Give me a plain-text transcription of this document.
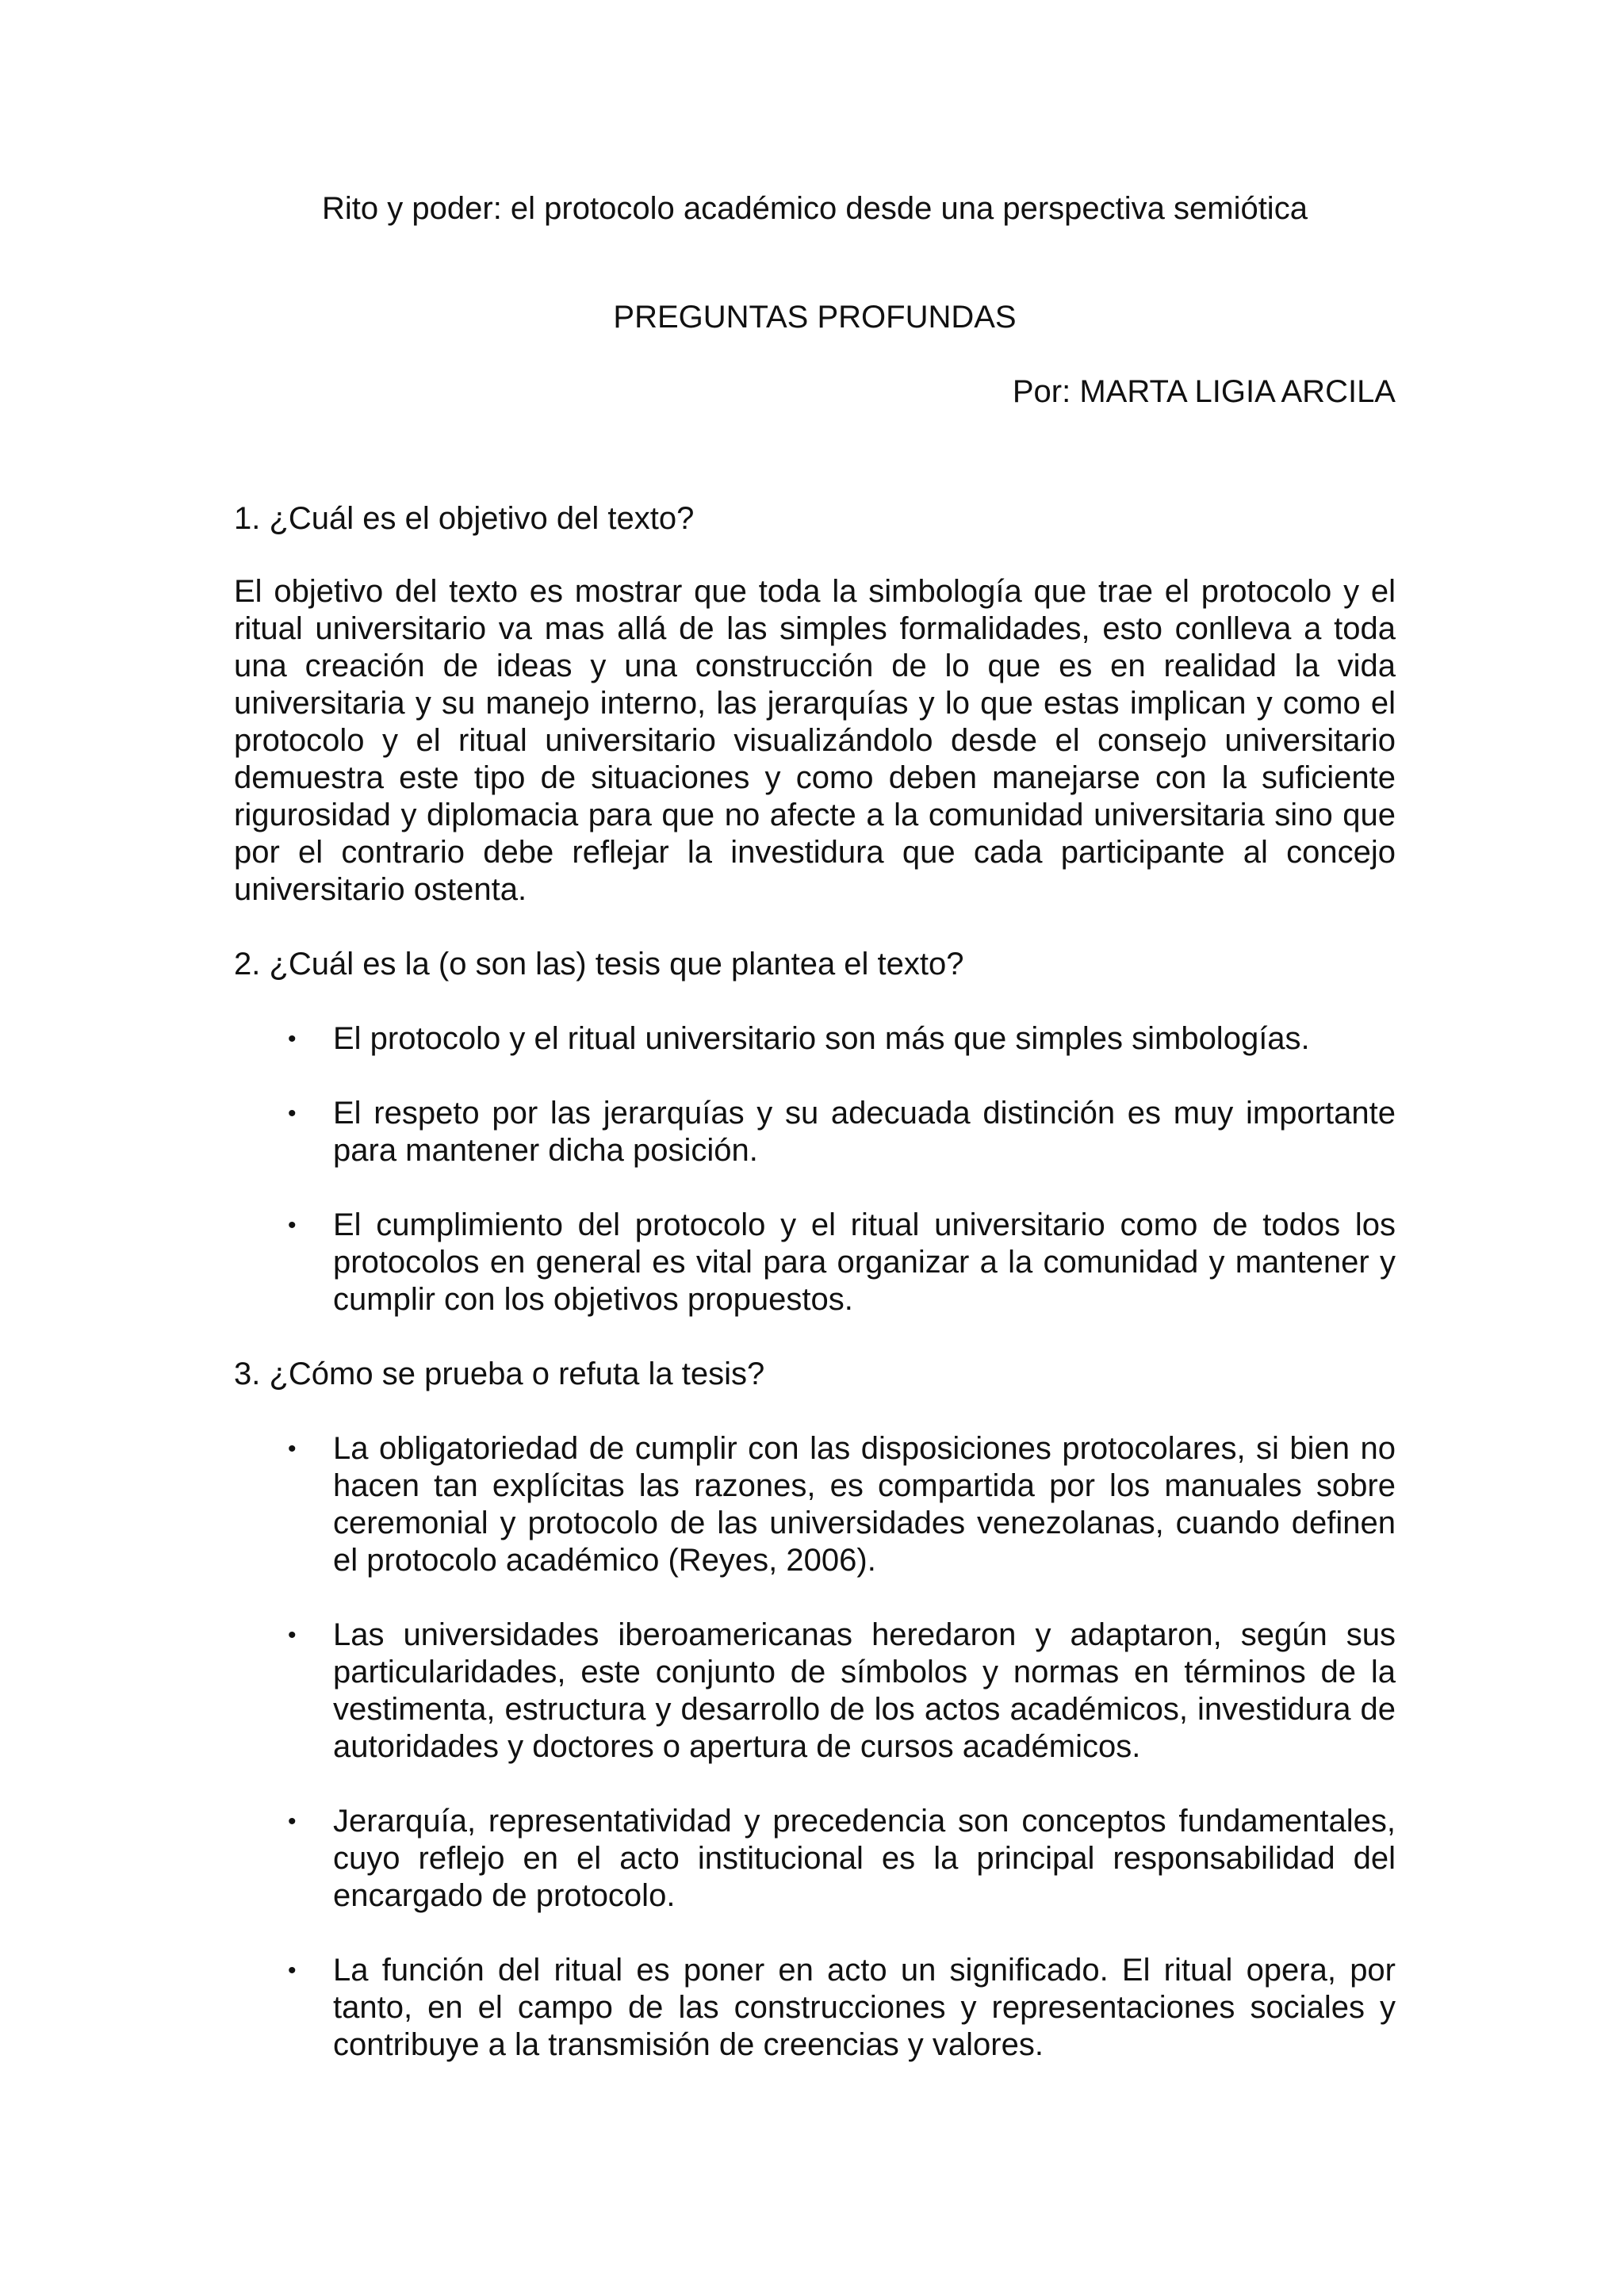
Rito y poder: el protocolo académico desde una perspectiva semiótica

PREGUNTAS PROFUNDAS

Por: MARTA LIGIA ARCILA

1. ¿Cuál es el objetivo del texto?

El objetivo del texto es mostrar que toda la simbología que trae el protocolo y el ritual universitario va mas allá de las simples formalidades, esto conlleva a toda una creación de ideas y una construcción de lo que es en realidad la vida universitaria y su manejo interno, las jerarquías y lo que estas implican y como el protocolo y el ritual universitario visualizándolo desde el consejo universitario demuestra este tipo de situaciones y como deben manejarse con la suficiente rigurosidad y diplomacia para que no afecte a la comunidad universitaria sino que por el contrario debe reflejar la investidura que cada participante al concejo universitario ostenta.

2. ¿Cuál es la (o son las) tesis que plantea el texto?

• El protocolo y el ritual universitario son más que simples simbologías.
• El respeto por las jerarquías y su adecuada distinción es muy importante para mantener dicha posición.
• El cumplimiento del protocolo y el ritual universitario como de todos los protocolos en general es vital para organizar a la comunidad y mantener y cumplir con los objetivos propuestos.

3. ¿Cómo se prueba o refuta la tesis?

• La obligatoriedad de cumplir con las disposiciones protocolares, si bien no hacen tan explícitas las razones, es compartida por los manuales sobre ceremonial y protocolo de las universidades venezolanas, cuando definen el protocolo académico (Reyes, 2006).
• Las universidades iberoamericanas heredaron y adaptaron, según sus particularidades, este conjunto de símbolos y normas en términos de la vestimenta, estructura y desarrollo de los actos académicos, investidura de autoridades y doctores o apertura de cursos académicos.
• Jerarquía, representatividad y precedencia son conceptos fundamentales, cuyo reflejo en el acto institucional es la principal responsabilidad del encargado de protocolo.
• La función del ritual es poner en acto un significado. El ritual opera, por tanto, en el campo de las construcciones y representaciones sociales y contribuye a la transmisión de creencias y valores.
